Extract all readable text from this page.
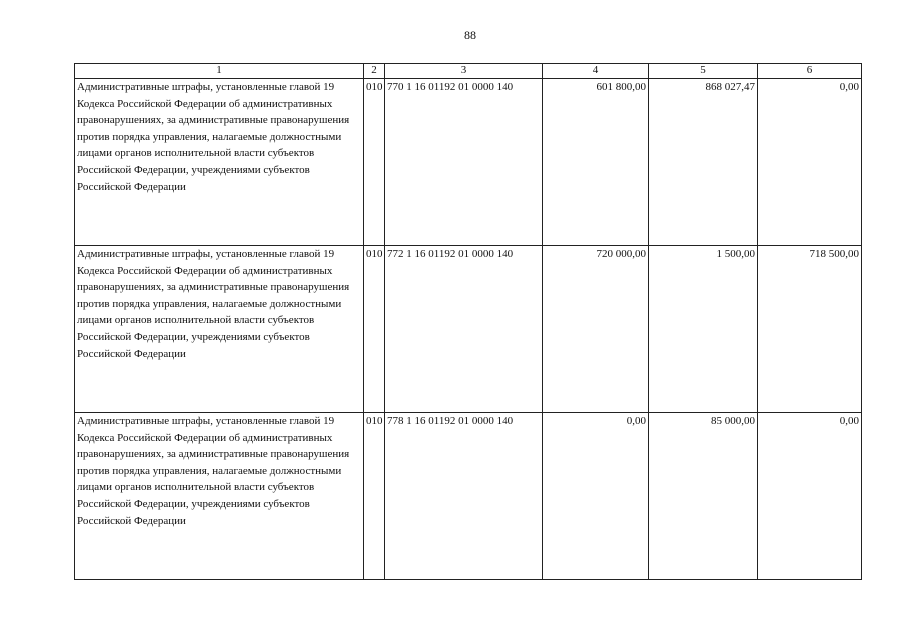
88
1	2	3	4	5	6
Административные штрафы, установленные главой 19 Кодекса Российской Федерации об административных правонарушениях, за административные правонарушения против порядка управления, налагаемые должностными лицами органов исполнительной власти субъектов Российской Федерации, учреждениями субъектов Российской Федерации	010	770 1 16 01192 01 0000 140	601 800,00	868 027,47	0,00
Административные штрафы, установленные главой 19 Кодекса Российской Федерации об административных правонарушениях, за административные правонарушения против порядка управления, налагаемые должностными лицами органов исполнительной власти субъектов Российской Федерации, учреждениями субъектов Российской Федерации	010	772 1 16 01192 01 0000 140	720 000,00	1 500,00	718 500,00
Административные штрафы, установленные главой 19 Кодекса Российской Федерации об административных правонарушениях, за административные правонарушения против порядка управления, налагаемые должностными лицами органов исполнительной власти субъектов Российской Федерации, учреждениями субъектов Российской Федерации	010	778 1 16 01192 01 0000 140	0,00	85 000,00	0,00
